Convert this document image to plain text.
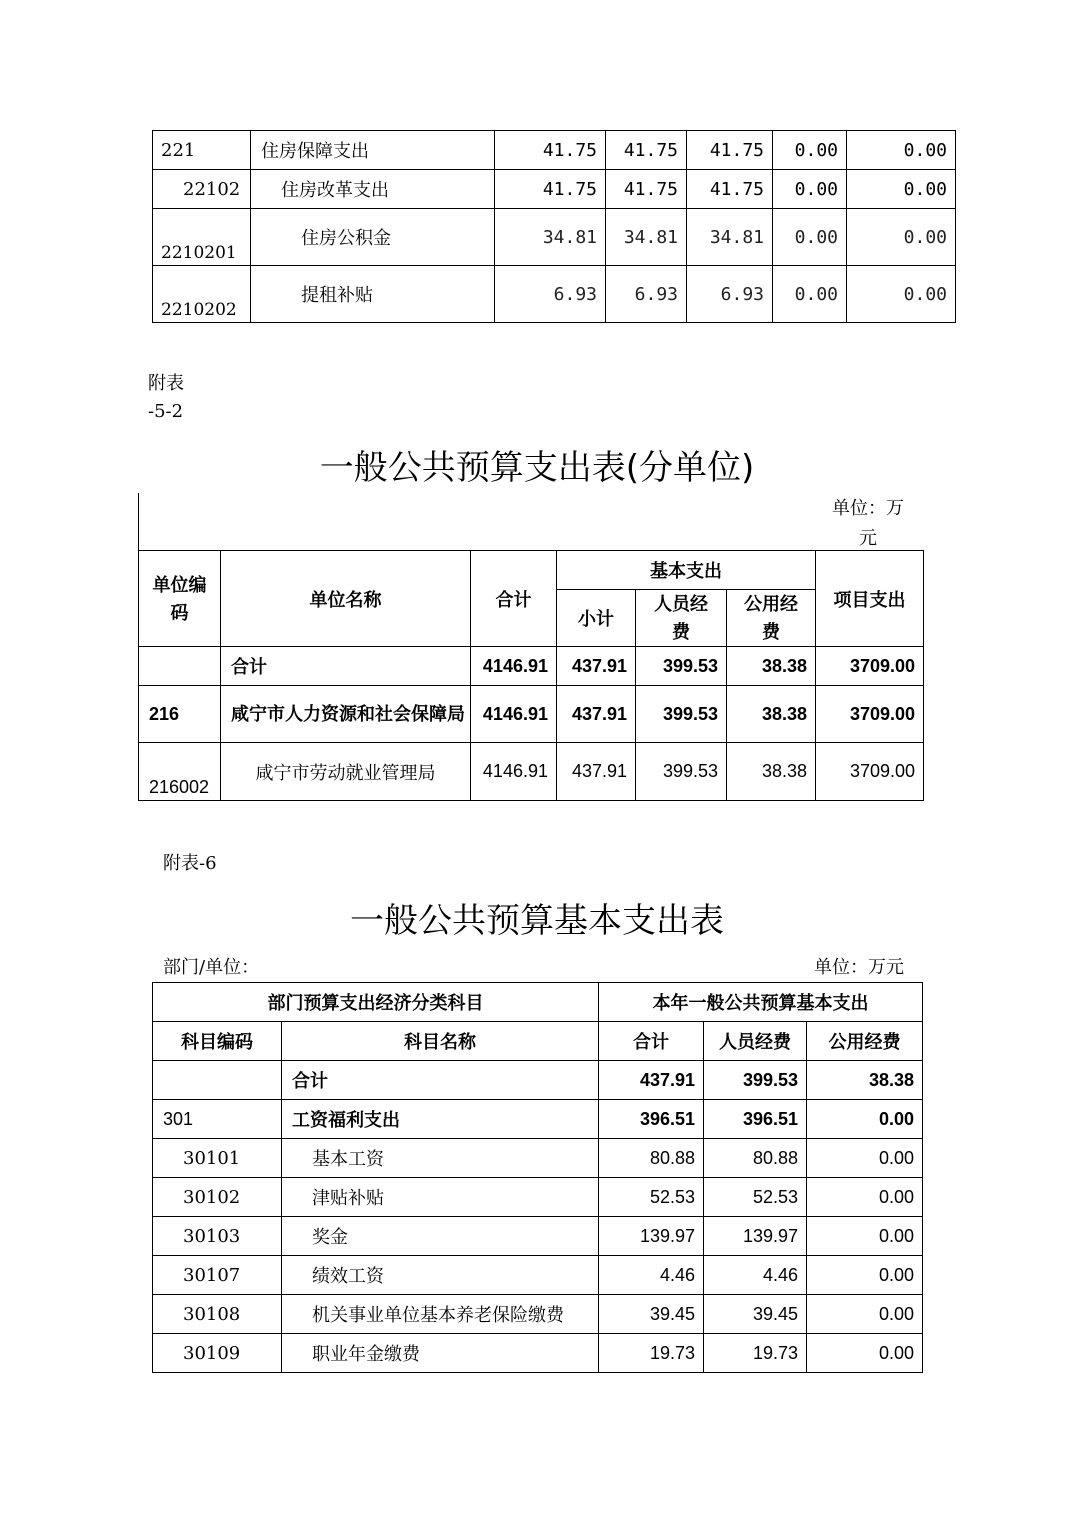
221	住房保障支出	41.75	41.75	41.75	0.00	0.00
22102	住房改革支出	41.75	41.75	41.75	0.00	0.00
2210201	住房公积金	34.81	34.81	34.81	0.00	0.00
2210202	提租补贴	6.93	6.93	6.93	0.00	0.00
附表
-5-2
一般公共预算支出表(分单位)
单位：万
元
单位编码	单位名称	合计	基本支出			项目支出
			小计	人员经费	公用经费	
	合计	4146.91	437.91	399.53	38.38	3709.00
216	咸宁市人力资源和社会保障局	4146.91	437.91	399.53	38.38	3709.00
216002	咸宁市劳动就业管理局	4146.91	437.91	399.53	38.38	3709.00
附表-6
一般公共预算基本支出表
部门/单位：	单位：万元
部门预算支出经济分类科目		本年一般公共预算基本支出		
科目编码	科目名称	合计	人员经费	公用经费
	合计	437.91	399.53	38.38
301	工资福利支出	396.51	396.51	0.00
30101	基本工资	80.88	80.88	0.00
30102	津贴补贴	52.53	52.53	0.00
30103	奖金	139.97	139.97	0.00
30107	绩效工资	4.46	4.46	0.00
30108	机关事业单位基本养老保险缴费	39.45	39.45	0.00
30109	职业年金缴费	19.73	19.73	0.00
